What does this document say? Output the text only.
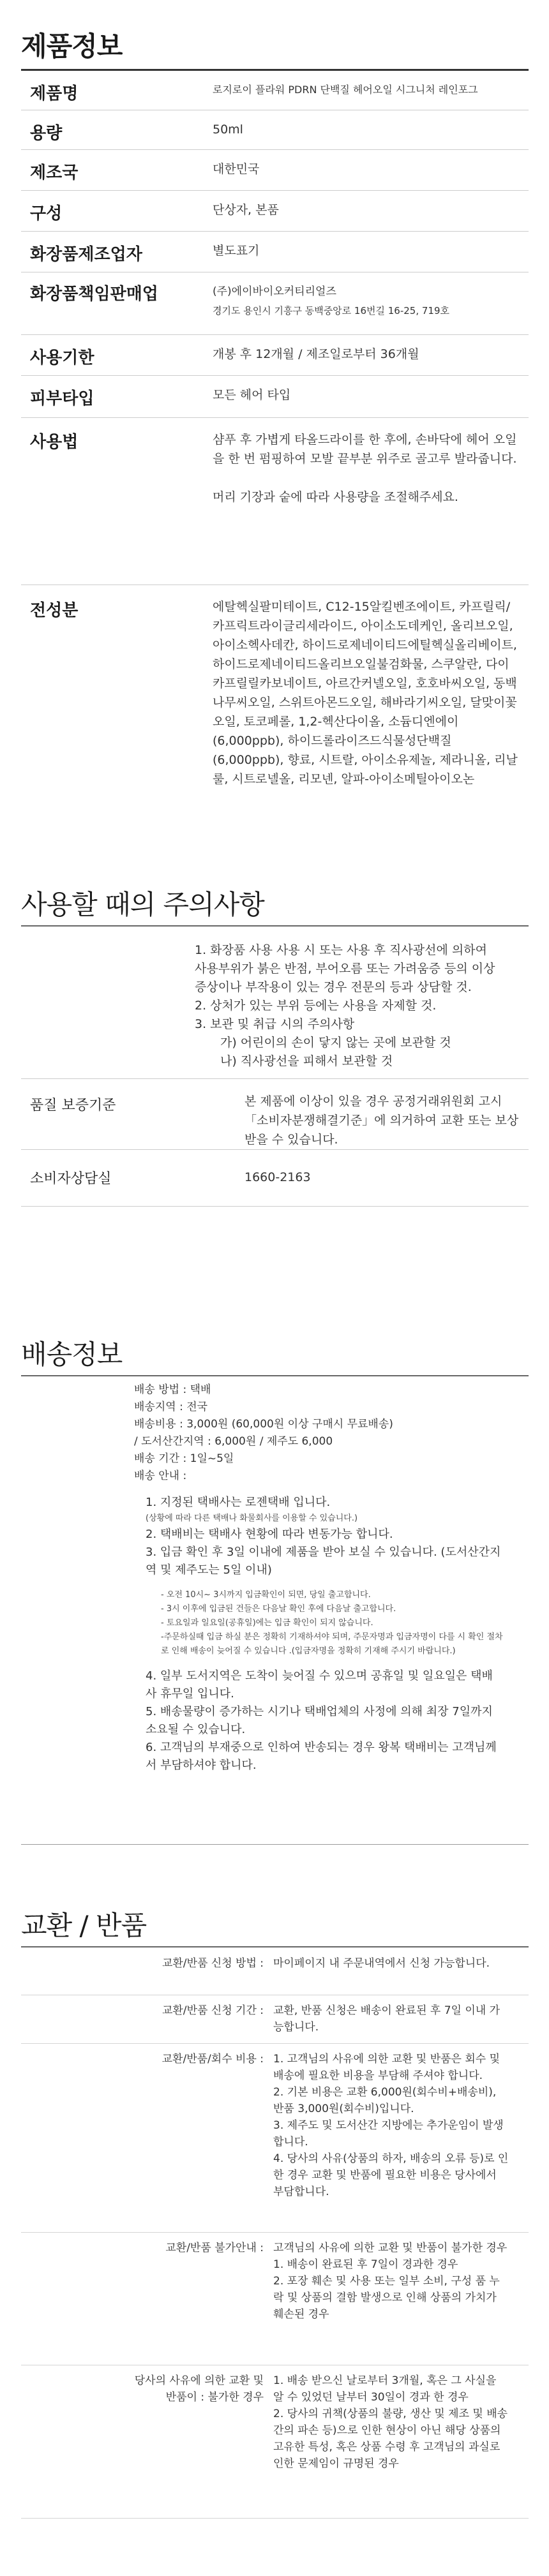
제품정보
제품명	로지로이 플라워 PDRN 단백질 헤어오일 시그니처 레인포그
용량	50ml
제조국	대한민국
구성	단상자, 본품
화장품제조업자	별도표기
화장품책임판매업	(주)에이바이오커티리얼즈
경기도 용인시 기흥구 동백중앙로 16번길 16-25, 719호
사용기한	개봉 후 12개월 / 제조일로부터 36개월
피부타입	모든 헤어 타입
사용법	샴푸 후 가볍게 타올드라이를 한 후에, 손바닥에 헤어 오일을 한 번 펌핑하여 모발 끝부분 위주로 골고루 발라줍니다.
머리 기장과 숱에 따라 사용량을 조절해주세요.
전성분	에탈헥실팔미테이트, C12-15알킬벤조에이트, 카프릴릭/카프릭트라이글리세라이드, 아이소도데케인, 올리브오일, 아이소헥사데칸, 하이드로제네이티드에틸헥실올리베이트, 하이드로제네이티드올리브오일불검화물, 스쿠알란, 다이카프릴릴카보네이트, 아르간커넬오일, 호호바씨오일, 동백나무씨오일, 스위트아몬드오일, 해바라기씨오일, 달맞이꽃오일, 토코페롤, 1,2-헥산다이올, 소듐디엔에이(6,000ppb), 하이드롤라이즈드식물성단백질(6,000ppb), 향료, 시트랄, 아이소유제놀, 제라니올, 리날룰, 시트로넬올, 리모넨, 알파-아이소메틸아이오논
사용할 때의 주의사항
1. 화장품 사용 사용 시 또는 사용 후 직사광선에 의하여 사용부위가 붉은 반점, 부어오름 또는 가려움증 등의 이상 증상이나 부작용이 있는 경우 전문의 등과 상담할 것.
2. 상처가 있는 부위 등에는 사용을 자제할 것.
3. 보관 및 취급 시의 주의사항
가) 어린이의 손이 닿지 않는 곳에 보관할 것
나) 직사광선을 피해서 보관할 것
품질 보증기준	본 제품에 이상이 있을 경우 공정거래위원회 고시 「소비자분쟁해결기준」에 의거하여 교환 또는 보상 받을 수 있습니다.
소비자상담실	1660-2163
배송정보
배송 방법 : 택배
배송지역 : 전국
배송비용 : 3,000원 (60,000원 이상 구매시 무료배송)
/ 도서산간지역 : 6,000원 / 제주도 6,000
배송 기간 : 1일~5일
배송 안내 :
1. 지정된 택배사는 로젠택배 입니다.
(상황에 따라 다른 택배나 화물회사를 이용할 수 있습니다.)
2. 택배비는 택배사 현황에 따라 변동가능 합니다.
3. 입금 확인 후 3일 이내에 제품을 받아 보실 수 있습니다. (도서산간지역 및 제주도는 5일 이내)
- 오전 10시~ 3시까지 입금확인이 되면, 당일 출고합니다.
- 3시 이후에 입금된 건들은 다음날 확인 후에 다음날 출고합니다.
- 토요일과 일요일(공휴일)에는 입금 확인이 되지 않습니다.
-주문하실때 입금 하실 분은 정확히 기재하셔야 되며, 주문자명과 입금자명이 다를 시 확인 절차로 인해 배송이 늦어질 수 있습니다 .(입금자명을 정확히 기재해 주시기 바랍니다.)
4. 일부 도서지역은 도착이 늦어질 수 있으며 공휴일 및 일요일은 택배사 휴무일 입니다.
5. 배송물량이 증가하는 시기나 택배업체의 사정에 의해 최장 7일까지 소요될 수 있습니다.
6. 고객님의 부재중으로 인하여 반송되는 경우 왕복 택배비는 고객님께서 부담하셔야 합니다.
교환 / 반품
교환/반품 신청 방법 : 마이페이지 내 주문내역에서 신청 가능합니다.
교환/반품 신청 기간 : 교환, 반품 신청은 배송이 완료된 후 7일 이내 가능합니다.
교환/반품/회수 비용 : 1. 고객님의 사유에 의한 교환 및 반품은 회수 및 배송에 필요한 비용을 부담해 주셔야 합니다.
2. 기본 비용은 교환 6,000원(회수비+배송비), 반품 3,000원(회수비)입니다.
3. 제주도 및 도서산간 지방에는 추가운임이 발생합니다.
4. 당사의 사유(상품의 하자, 배송의 오류 등)로 인한 경우 교환 및 반품에 필요한 비용은 당사에서 부담합니다.
교환/반품 불가안내 : 고객님의 사유에 의한 교환 및 반품이 불가한 경우
1. 배송이 완료된 후 7일이 경과한 경우
2. 포장 훼손 및 사용 또는 일부 소비, 구성 품 누락 및 상품의 결함 발생으로 인해 상품의 가치가 훼손된 경우
당사의 사유에 의한 교환 및
반품이 : 불가한 경우
1. 배송 받으신 날로부터 3개월, 혹은 그 사실을 알 수 있었던 날부터 30일이 경과 한 경우
2. 당사의 귀책(상품의 불량, 생산 및 제조 및 배송 간의 파손 등)으로 인한 현상이 아닌 해당 상품의 고유한 특성, 혹은 상품 수령 후 고객님의 과실로 인한 문제임이 규명된 경우
